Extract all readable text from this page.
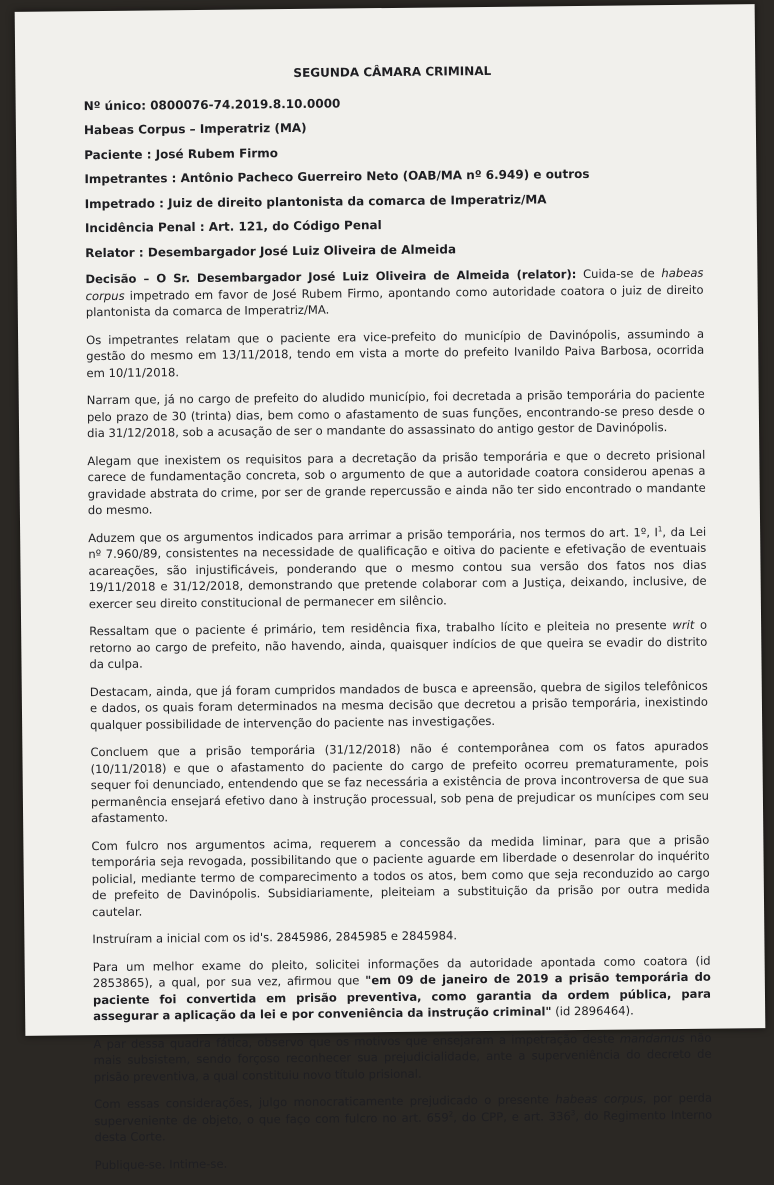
SEGUNDA CÂMARA CRIMINAL
Nº único: 0800076-74.2019.8.10.0000
Habeas Corpus – Imperatriz (MA)
Paciente : José Rubem Firmo
Impetrantes : Antônio Pacheco Guerreiro Neto (OAB/MA nº 6.949) e outros
Impetrado : Juiz de direito plantonista da comarca de Imperatriz/MA
Incidência Penal : Art. 121, do Código Penal
Relator : Desembargador José Luiz Oliveira de Almeida

Decisão – O Sr. Desembargador José Luiz Oliveira de Almeida (relator): Cuida-se de habeas corpus impetrado em favor de José Rubem Firmo, apontando como autoridade coatora o juiz de direito plantonista da comarca de Imperatriz/MA.

Os impetrantes relatam que o paciente era vice-prefeito do município de Davinópolis, assumindo a gestão do mesmo em 13/11/2018, tendo em vista a morte do prefeito Ivanildo Paiva Barbosa, ocorrida em 10/11/2018.

Narram que, já no cargo de prefeito do aludido município, foi decretada a prisão temporária do paciente pelo prazo de 30 (trinta) dias, bem como o afastamento de suas funções, encontrando-se preso desde o dia 31/12/2018, sob a acusação de ser o mandante do assassinato do antigo gestor de Davinópolis.

Alegam que inexistem os requisitos para a decretação da prisão temporária e que o decreto prisional carece de fundamentação concreta, sob o argumento de que a autoridade coatora considerou apenas a gravidade abstrata do crime, por ser de grande repercussão e ainda não ter sido encontrado o mandante do mesmo.

Aduzem que os argumentos indicados para arrimar a prisão temporária, nos termos do art. 1º, $I^1$, da Lei nº 7.960/89, consistentes na necessidade de qualificação e oitiva do paciente e efetivação de eventuais acareações, são injustificáveis, ponderando que o mesmo contou sua versão dos fatos nos dias 19/11/2018 e 31/12/2018, demonstrando que pretende colaborar com a Justiça, deixando, inclusive, de exercer seu direito constitucional de permanecer em silêncio.

Ressaltam que o paciente é primário, tem residência fixa, trabalho lícito e pleiteia no presente writ o retorno ao cargo de prefeito, não havendo, ainda, quaisquer indícios de que queira se evadir do distrito da culpa.

Destacam, ainda, que já foram cumpridos mandados de busca e apreensão, quebra de sigilos telefônicos e dados, os quais foram determinados na mesma decisão que decretou a prisão temporária, inexistindo qualquer possibilidade de intervenção do paciente nas investigações.

Concluem que a prisão temporária (31/12/2018) não é contemporânea com os fatos apurados (10/11/2018) e que o afastamento do paciente do cargo de prefeito ocorreu prematuramente, pois sequer foi denunciado, entendendo que se faz necessária a existência de prova incontroversa de que sua permanência ensejará efetivo dano à instrução processual, sob pena de prejudicar os munícipes com seu afastamento.

Com fulcro nos argumentos acima, requerem a concessão da medida liminar, para que a prisão temporária seja revogada, possibilitando que o paciente aguarde em liberdade o desenrolar do inquérito policial, mediante termo de comparecimento a todos os atos, bem como que seja reconduzido ao cargo de prefeito de Davinópolis. Subsidiariamente, pleiteiam a substituição da prisão por outra medida cautelar.

Instruíram a inicial com os id's. 2845986, 2845985 e 2845984.

Para um melhor exame do pleito, solicitei informações da autoridade apontada como coatora (id 2853865), a qual, por sua vez, afirmou que "em 09 de janeiro de 2019 a prisão temporária do paciente foi convertida em prisão preventiva, como garantia da ordem pública, para assegurar a aplicação da lei e por conveniência da instrução criminal" (id 2896464).

A par dessa quadra fática, observo que os motivos que ensejaram a impetração deste mandamus não mais subsistem, sendo forçoso reconhecer sua prejudicialidade, ante a superveniência do decreto de prisão preventiva, a qual constituiu novo título prisional.

Com essas considerações, julgo monocraticamente prejudicado o presente habeas corpus, por perda superveniente de objeto, o que faço com fulcro no art. $659^2$, do CPP, e art. $336^3$, do Regimento Interno desta Corte.

Publique-se. Intime-se.
